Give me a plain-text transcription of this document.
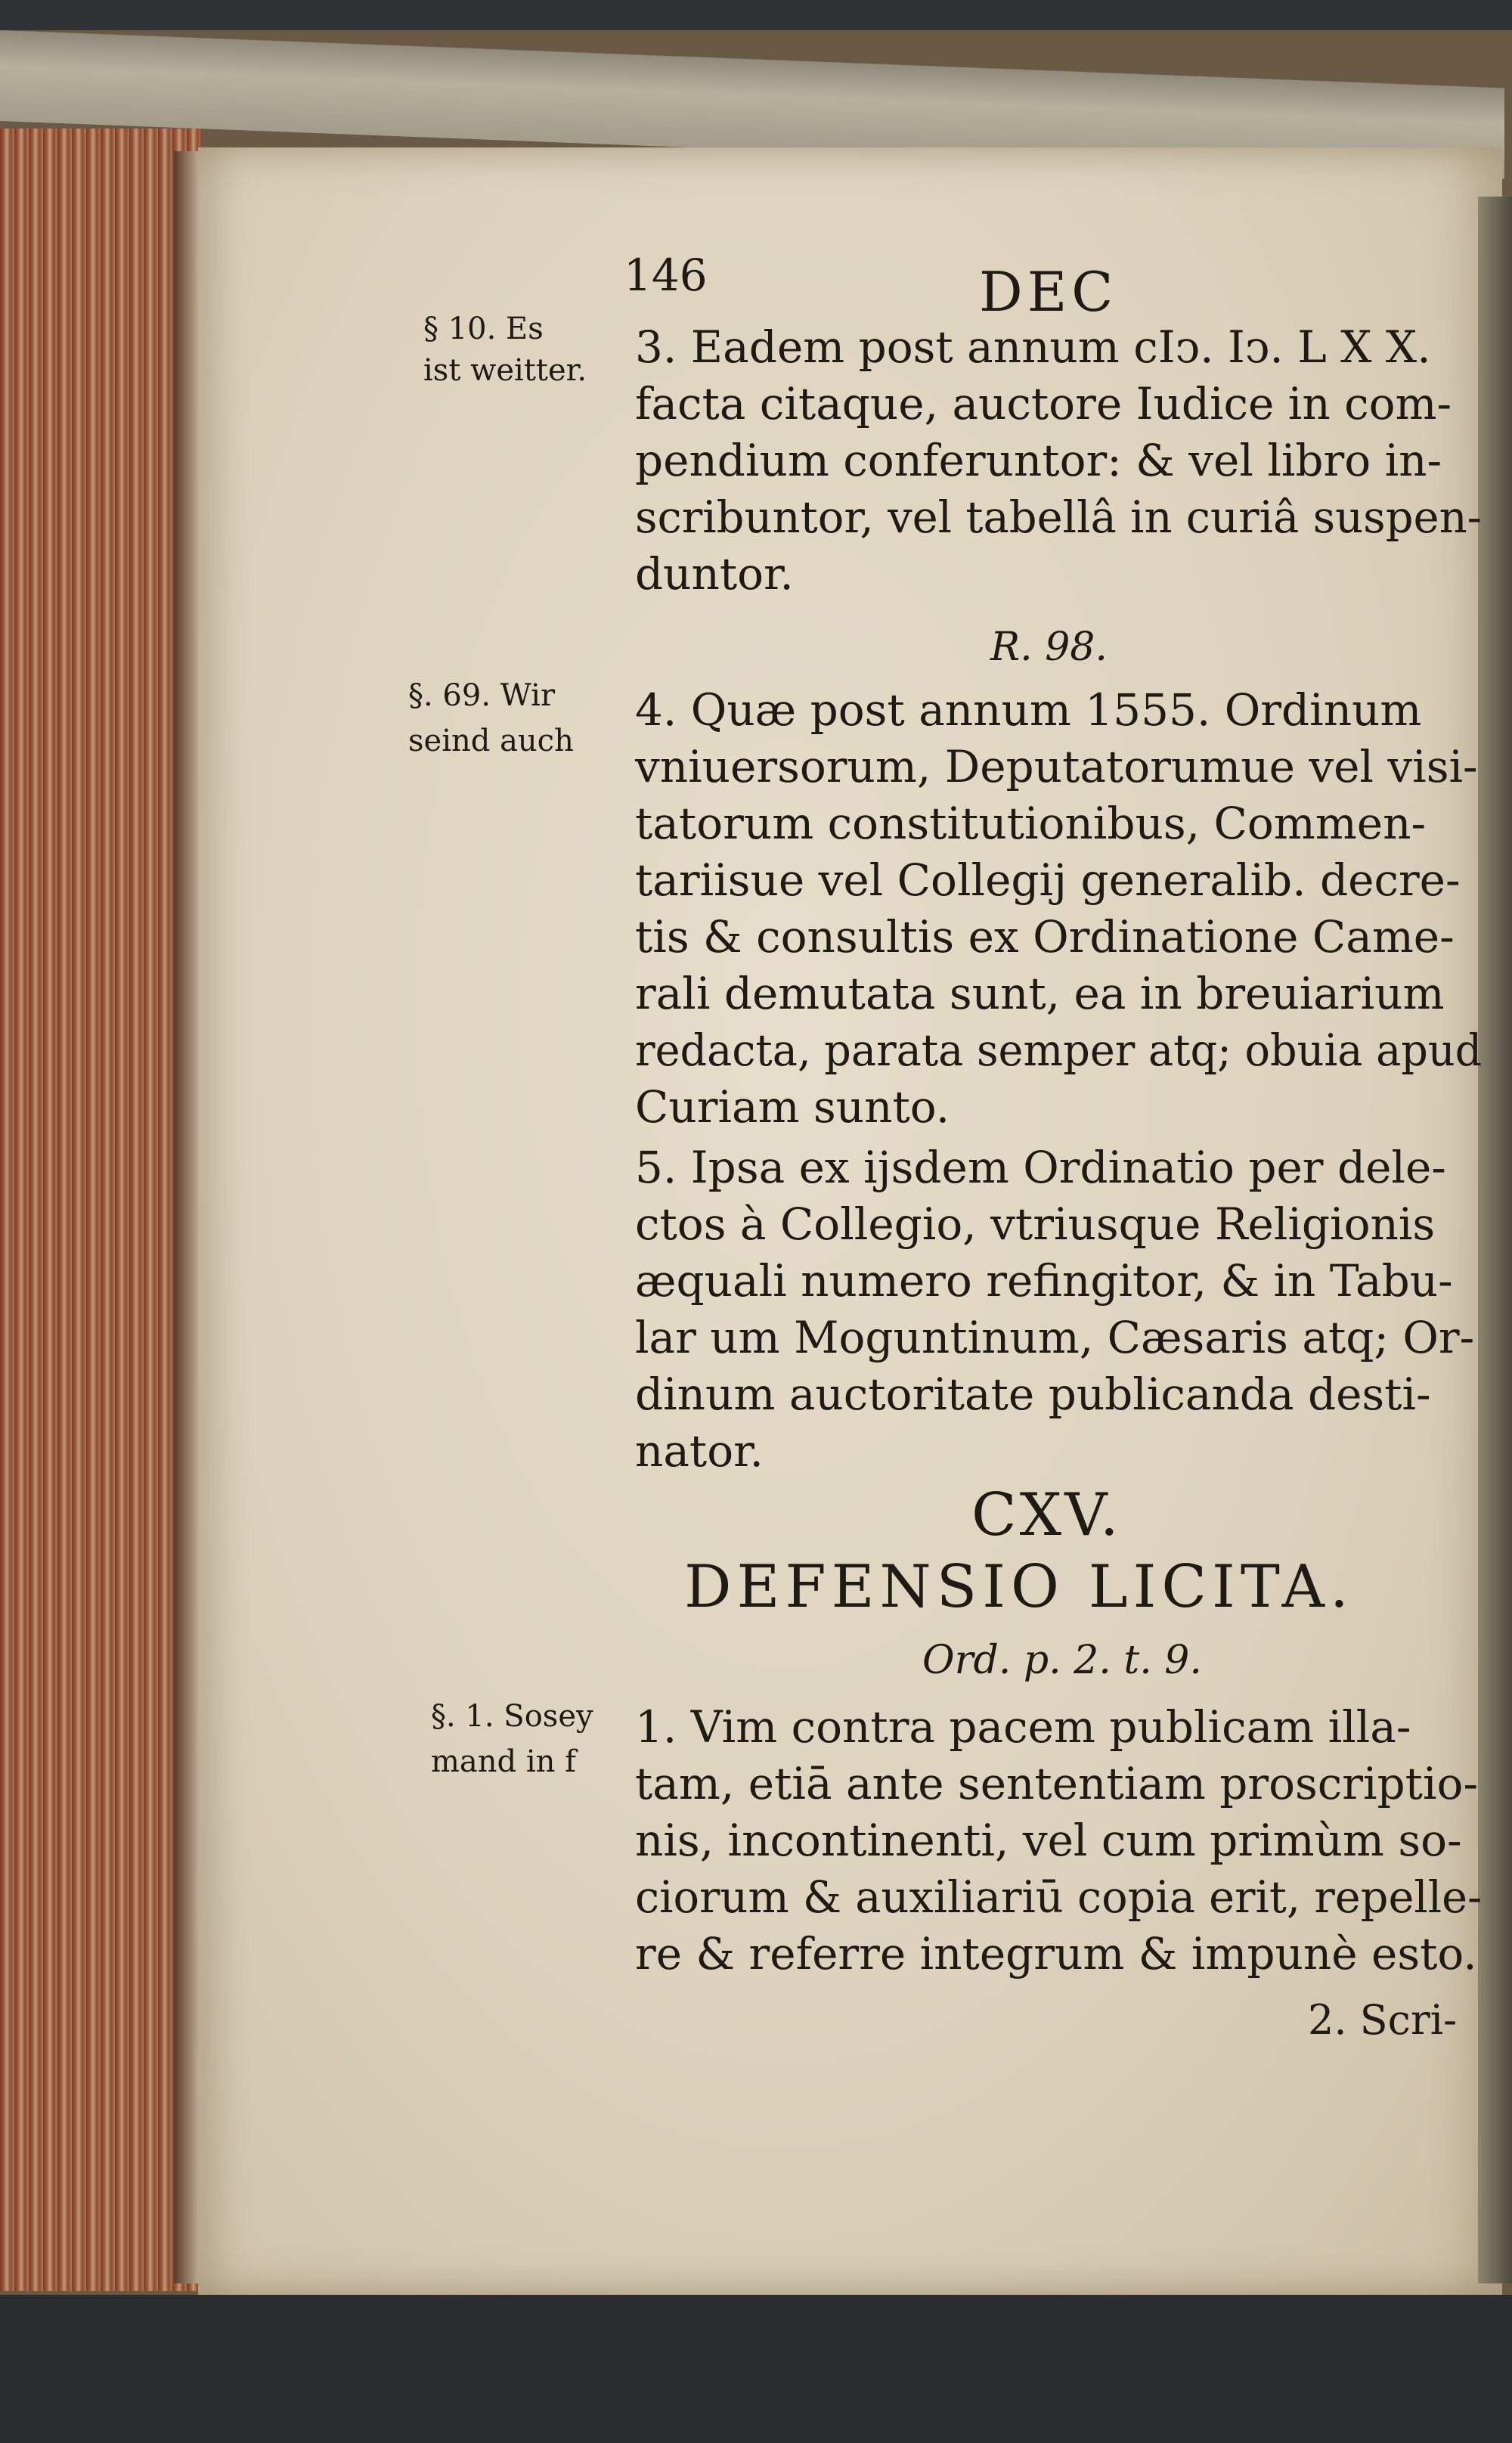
146	DEC
§ 10. Es
ist weitter. 3. Eadem post annum cIↄ. Iↄ. L X X.
facta citaque, auctore Iudice in com-
pendium conferuntor: & vel libro in-
scribuntor, vel tabellâ in curiâ suspen-
duntor.
R. 98.
§. 69. Wir
seind auch
4. Quæ post annum 1555. Ordinum
vniuersorum, Deputatorumue vel visi-
tatorum constitutionibus, Commen-
tariisue vel Collegij generalib. decre-
tis & consultis ex Ordinatione Came-
rali demutata sunt, ea in breuiarium
redacta, parata semper atq; obuia apud
Curiam sunto.
5. Ipsa ex ijsdem Ordinatio per dele-
ctos à Collegio, vtriusque Religionis
æquali numero refingitor, & in Tabu-
lar um Moguntinum, Cæsaris atq; Or-
dinum auctoritate publicanda desti-
nator.
CXV.
DEFENSIO LICITA.
Ord. p. 2. t. 9.
§. 1. Sosey
mand in f
1. Vim contra pacem publicam illa-
tam, etiā ante sententiam proscriptio-
nis, incontinenti, vel cum primùm so-
ciorum & auxiliariū copia erit, repelle-
re & referre integrum & impunè esto.
2. Scri-
